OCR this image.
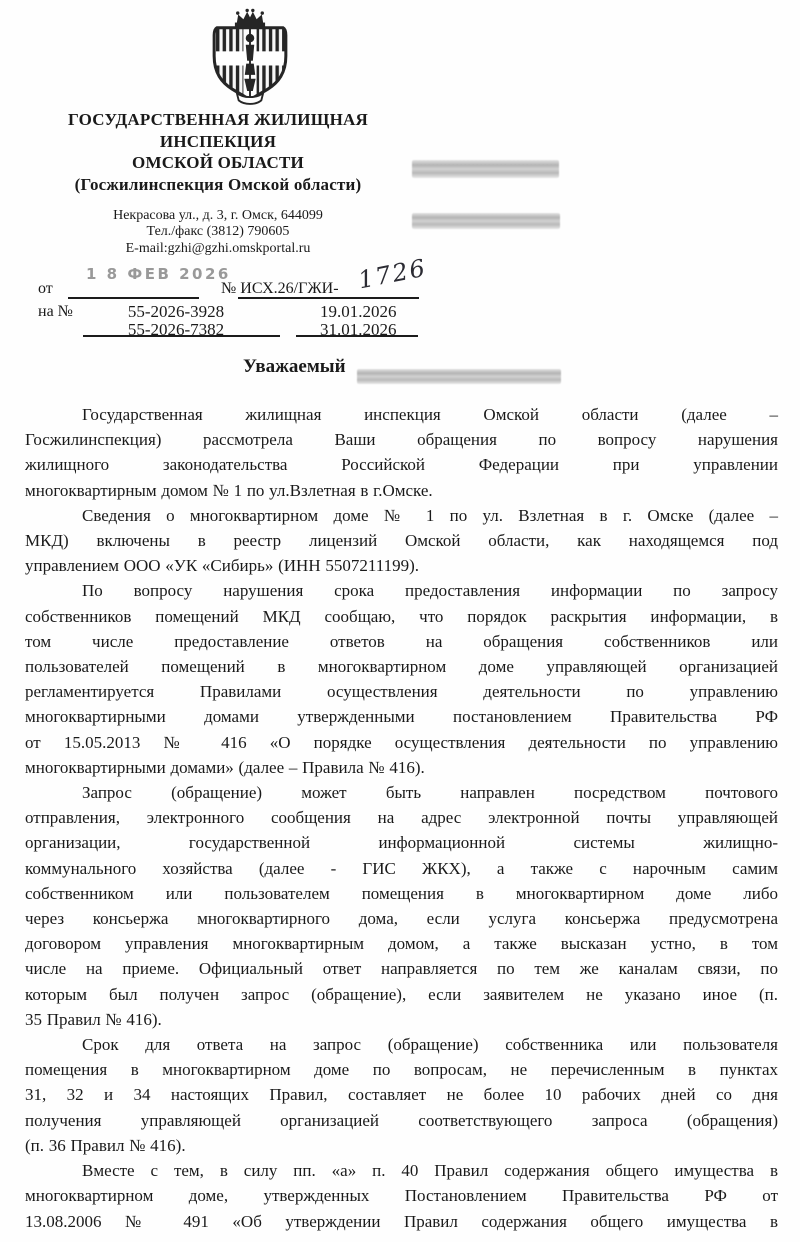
ГОСУДАРСТВЕННАЯ ЖИЛИЩНАЯ
ИНСПЕКЦИЯ
ОМСКОЙ ОБЛАСТИ
(Госжилинспекция Омской области)
Некрасова ул., д. 3, г. Омск, 644099
Тел./факс (3812) 790605
E-mail:gzhi@gzhi.omskportal.ru
от
1 8 ФЕВ 2026
№ ИСХ.26/ГЖИ- 1726
на №	55-2026-3928	19.01.2026
55-2026-7382	31.01.2026
Уважаемый
Государственная жилищная инспекция Омской области (далее –
Госжилинспекция) рассмотрела Ваши обращения по вопросу нарушения
жилищного законодательства Российской Федерации при управлении
многоквартирным домом № 1 по ул.Взлетная в г.Омске.
Сведения о многоквартирном доме № 1 по ул. Взлетная в г. Омске (далее –
МКД) включены в реестр лицензий Омской области, как находящемся под
управлением ООО «УК «Сибирь» (ИНН 5507211199).
По вопросу нарушения срока предоставления информации по запросу
собственников помещений МКД сообщаю, что порядок раскрытия информации, в
том числе предоставление ответов на обращения собственников или
пользователей помещений в многоквартирном доме управляющей организацией
регламентируется Правилами осуществления деятельности по управлению
многоквартирными домами утвержденными постановлением Правительства РФ
от 15.05.2013 № 416 «О порядке осуществления деятельности по управлению
многоквартирными домами» (далее – Правила № 416).
Запрос (обращение) может быть направлен посредством почтового
отправления, электронного сообщения на адрес электронной почты управляющей
организации, государственной информационной системы жилищно-
коммунального хозяйства (далее - ГИС ЖКХ), а также с нарочным самим
собственником или пользователем помещения в многоквартирном доме либо
через консьержа многоквартирного дома, если услуга консьержа предусмотрена
договором управления многоквартирным домом, а также высказан устно, в том
числе на приеме. Официальный ответ направляется по тем же каналам связи, по
которым был получен запрос (обращение), если заявителем не указано иное (п.
35 Правил № 416).
Срок для ответа на запрос (обращение) собственника или пользователя
помещения в многоквартирном доме по вопросам, не перечисленным в пунктах
31, 32 и 34 настоящих Правил, составляет не более 10 рабочих дней со дня
получения управляющей организацией соответствующего запроса (обращения)
(п. 36 Правил № 416).
Вместе с тем, в силу пп. «а» п. 40 Правил содержания общего имущества в
многоквартирном доме, утвержденных Постановлением Правительства РФ от
13.08.2006 № 491 «Об утверждении Правил содержания общего имущества в
